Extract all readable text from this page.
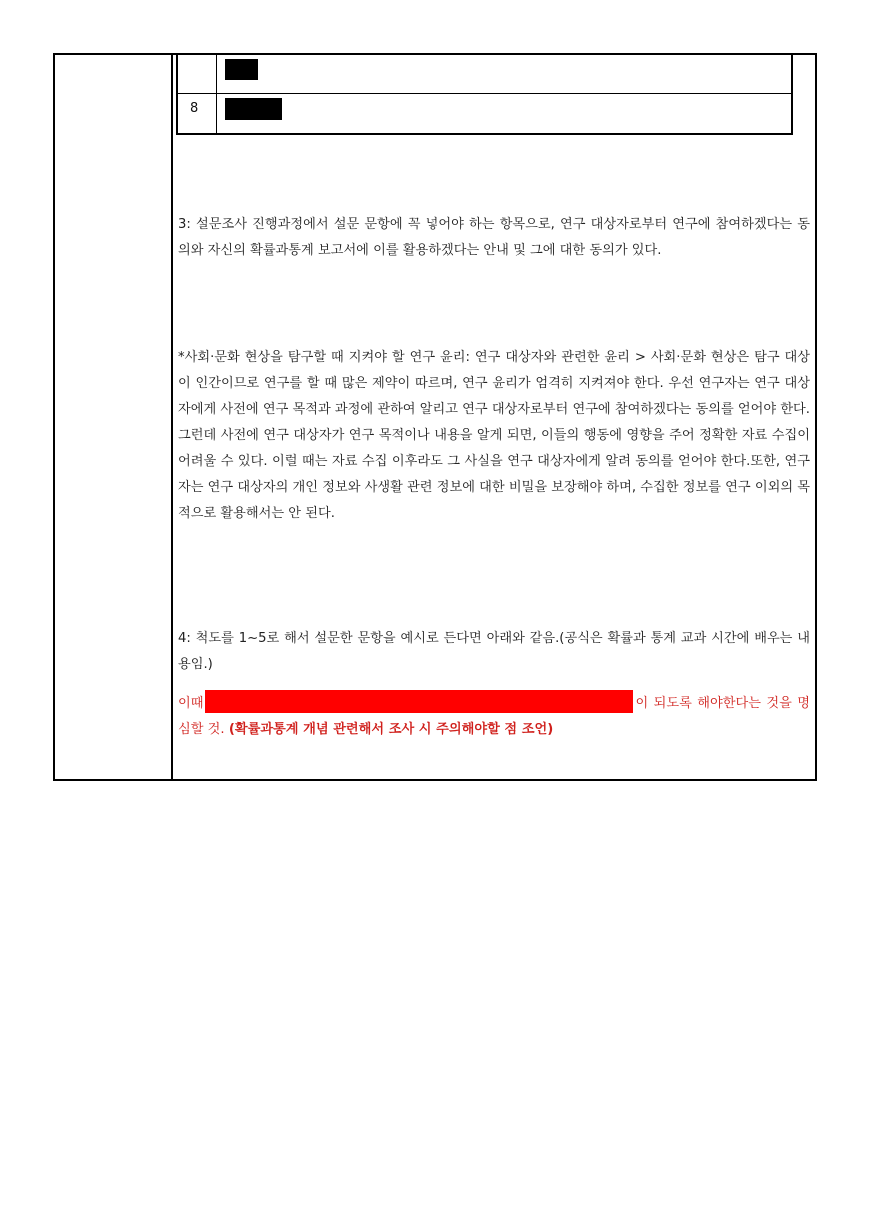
8

3: 설문조사 진행과정에서 설문 문항에 꼭 넣어야 하는 항목으로, 연구 대상자로부터 연구에 참여하겠다는 동의와 자신의 확률과통계 보고서에 이를 활용하겠다는 안내 및 그에 대한 동의가 있다.

*사회·문화 현상을 탐구할 때 지켜야 할 연구 윤리: 연구 대상자와 관련한 윤리 > 사회·문화 현상은 탐구 대상이 인간이므로 연구를 할 때 많은 제약이 따르며, 연구 윤리가 엄격히 지켜져야 한다. 우선 연구자는 연구 대상자에게 사전에 연구 목적과 과정에 관하여 알리고 연구 대상자로부터 연구에 참여하겠다는 동의를 얻어야 한다. 그런데 사전에 연구 대상자가 연구 목적이나 내용을 알게 되면, 이들의 행동에 영향을 주어 정확한 자료 수집이 어려울 수 있다. 이럴 때는 자료 수집 이후라도 그 사실을 연구 대상자에게 알려 동의를 얻어야 한다.또한, 연구자는 연구 대상자의 개인 정보와 사생활 관련 정보에 대한 비밀을 보장해야 하며, 수집한 정보를 연구 이외의 목적으로 활용해서는 안 된다.

4: 척도를 1~5로 해서 설문한 문항을 예시로 든다면 아래와 같음.(공식은 확률과 통계 교과 시간에 배우는 내용임.)

이때	이 되도록 해야한다는 것을 명심할 것. (확률과통계 개념 관련해서 조사 시 주의해야할 점 조언)
